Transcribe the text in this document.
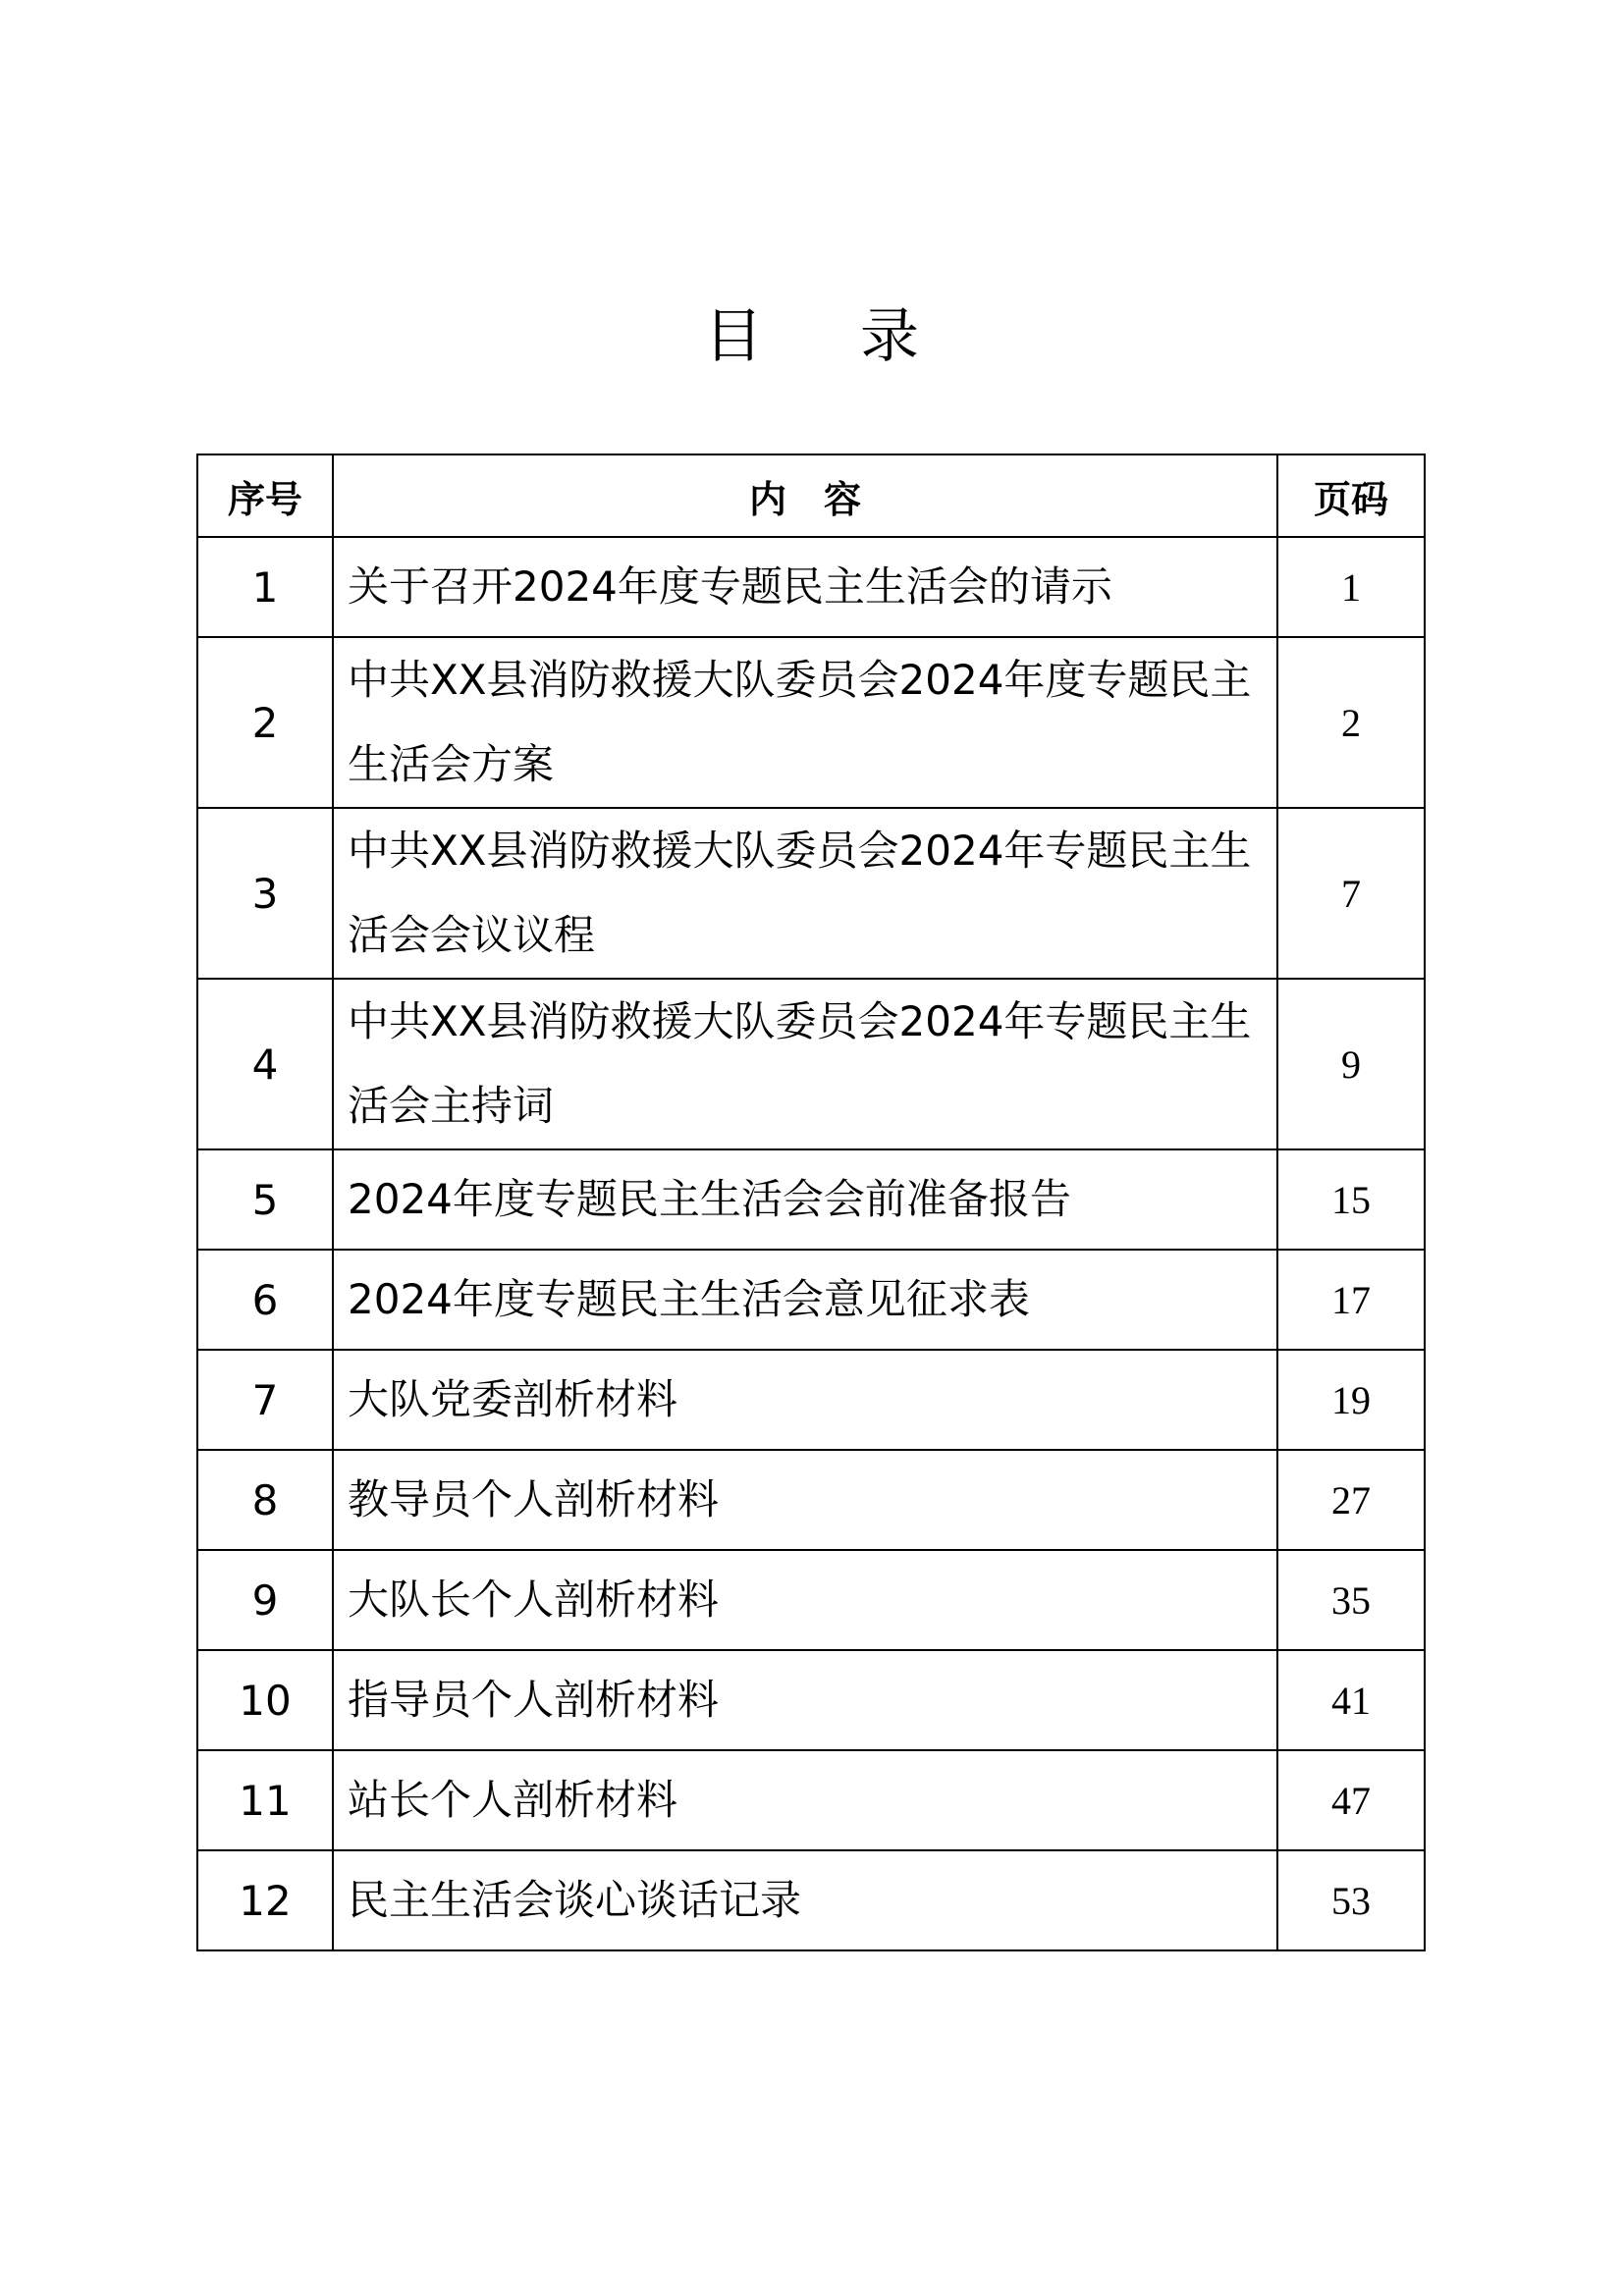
目 录
序号	内　容	页码
1	关于召开2024年度专题民主生活会的请示	1
2	中共XX县消防救援大队委员会2024年度专题民主生活会方案	2
3	中共XX县消防救援大队委员会2024年专题民主生活会会议议程	7
4	中共XX县消防救援大队委员会2024年专题民主生活会主持词	9
5	2024年度专题民主生活会会前准备报告	15
6	2024年度专题民主生活会意见征求表	17
7	大队党委剖析材料	19
8	教导员个人剖析材料	27
9	大队长个人剖析材料	35
10	指导员个人剖析材料	41
11	站长个人剖析材料	47
12	民主生活会谈心谈话记录	53
